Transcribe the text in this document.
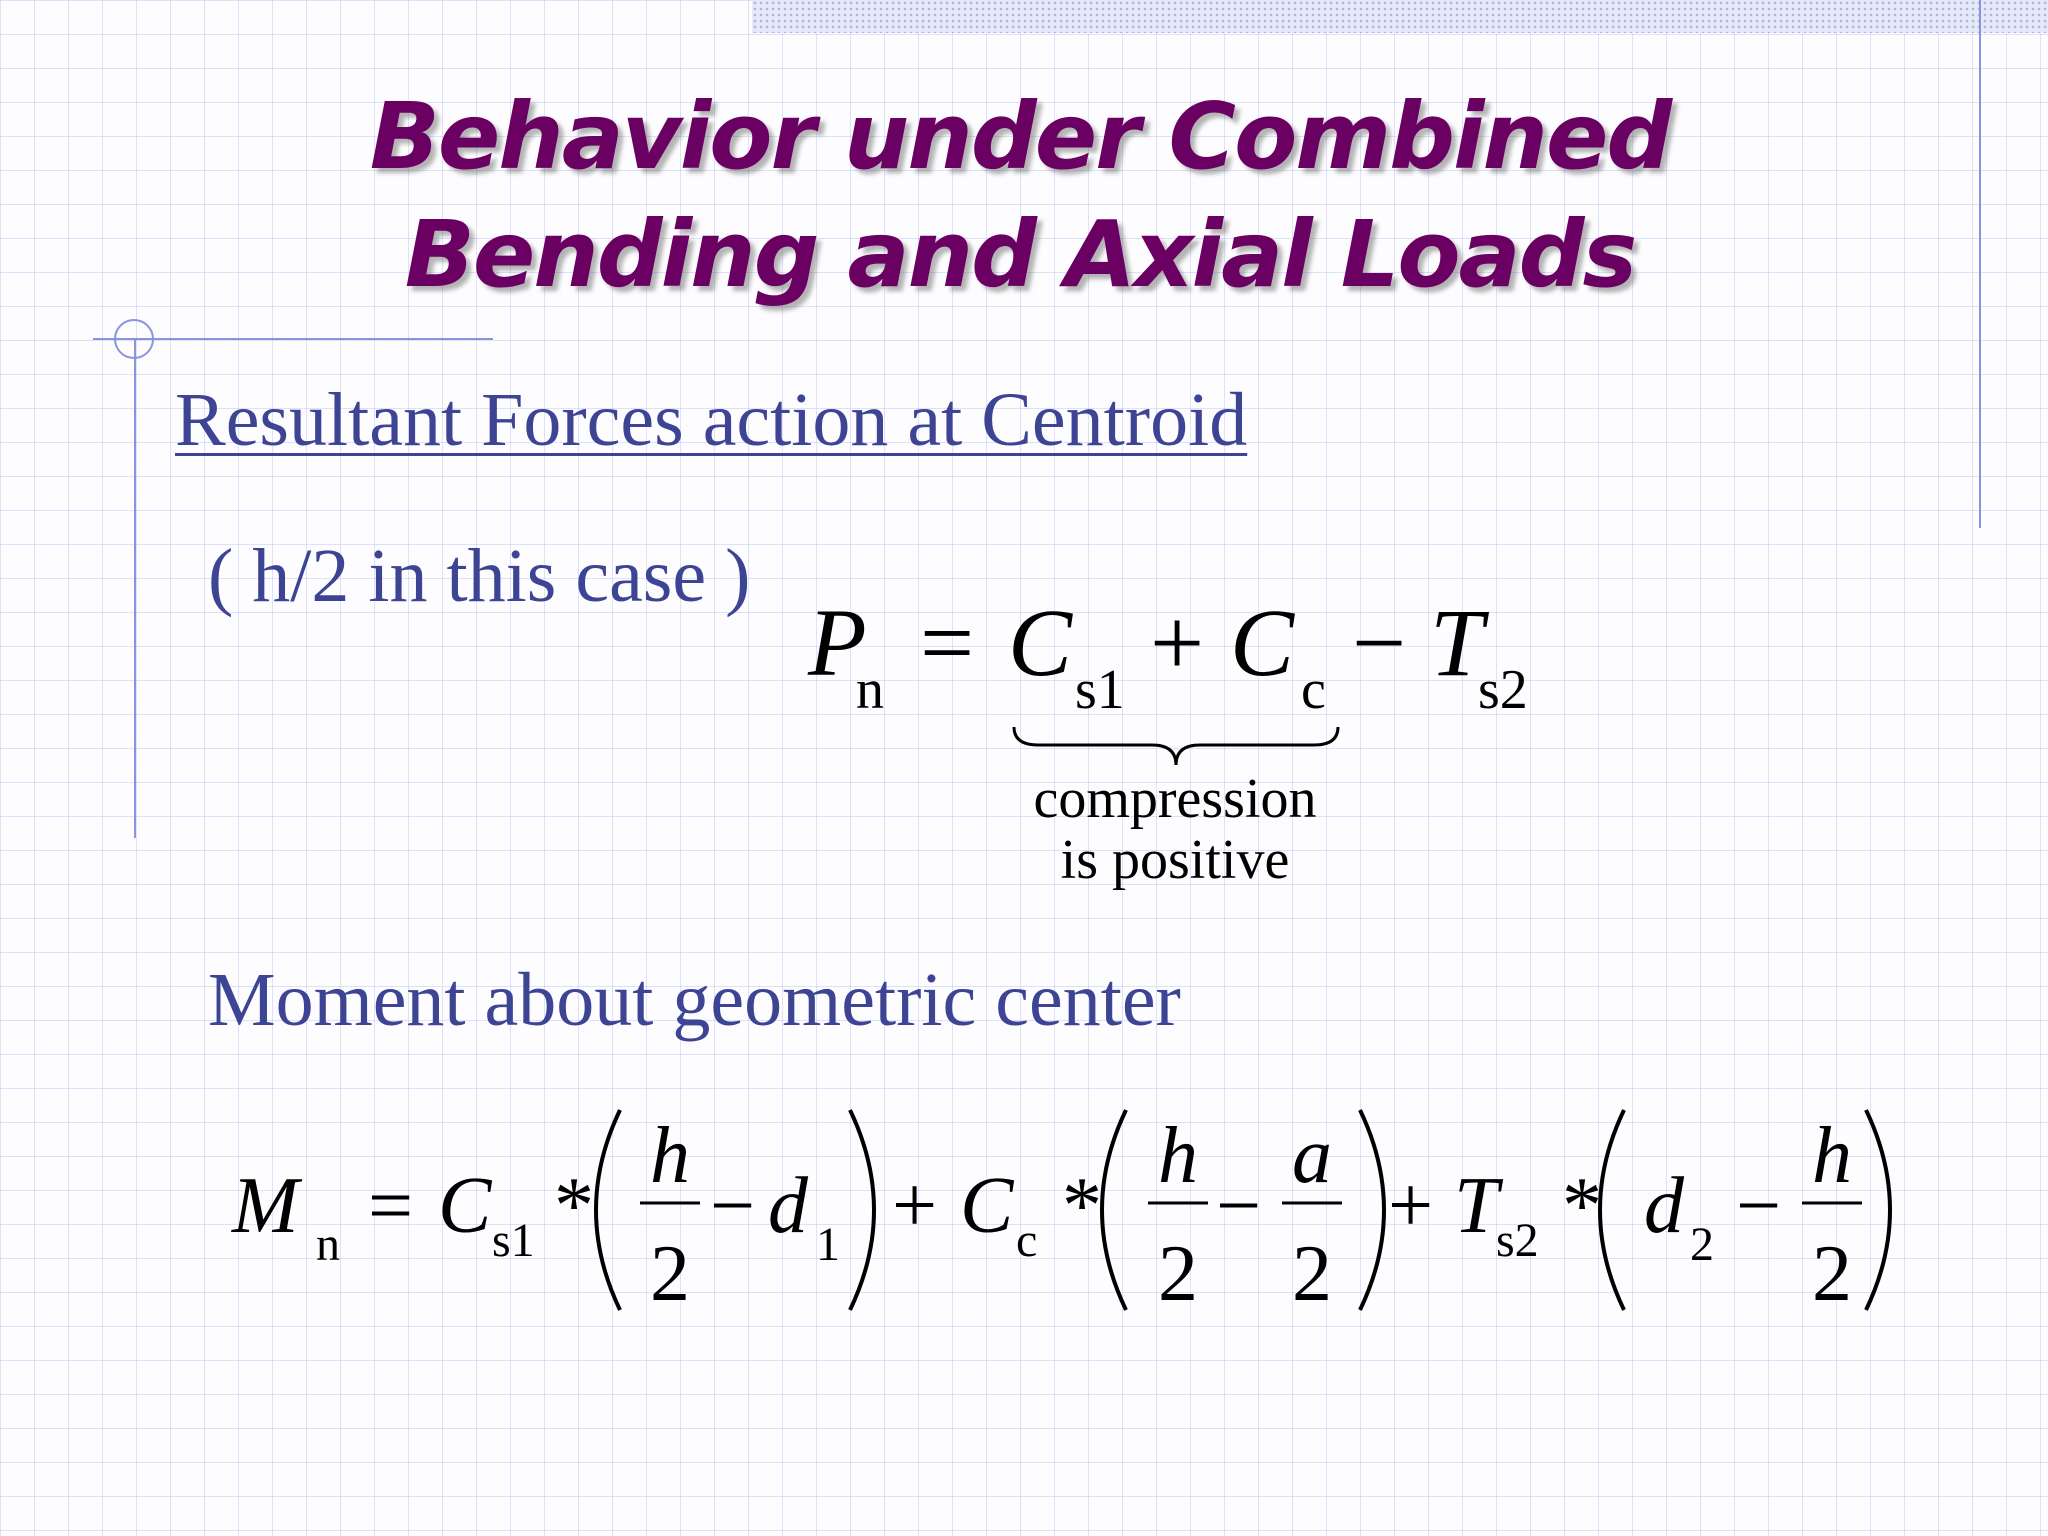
Behavior under Combined
Bending and Axial Loads
Resultant Forces action at Centroid
( h/2 in this case )
P
n = C s1 + C c − T
s2
compression
is positive
Moment about geometric center
M n = C s1 *
h
2
− d 1 + C c *
h
2
−
a
2
+ T
s2 * d 2 −
h
2
